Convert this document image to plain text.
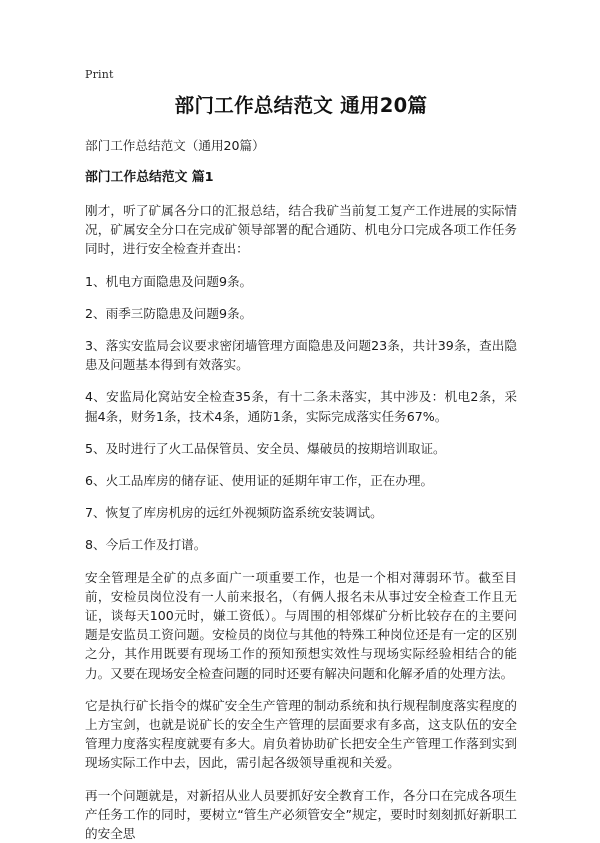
Print
部门工作总结范文 通用20篇

部门工作总结范文（通用20篇）

部门工作总结范文 篇1

刚才，听了矿属各分口的汇报总结，结合我矿当前复工复产工作进展的实际情况，矿属安全分口在完成矿领导部署的配合通防、机电分口完成各项工作任务同时，进行安全检查并查出：

1、机电方面隐患及问题9条。

2、雨季三防隐患及问题9条。

3、落实安监局会议要求密闭墙管理方面隐患及问题23条，共计39条，查出隐患及问题基本得到有效落实。

4、安监局化窝站安全检查35条，有十二条未落实，其中涉及：机电2条，采掘4条，财务1条，技术4条，通防1条，实际完成落实任务67%。

5、及时进行了火工品保管员、安全员、爆破员的按期培训取证。

6、火工品库房的储存证、使用证的延期年审工作，正在办理。

7、恢复了库房机房的远红外视频防盗系统安装调试。

8、今后工作及打谱。

安全管理是全矿的点多面广一项重要工作，也是一个相对薄弱环节。截至目前，安检员岗位没有一人前来报名，（有俩人报名未从事过安全检查工作且无证，谈每天100元时，嫌工资低）。与周围的相邻煤矿分析比较存在的主要问题是安监员工资问题。安检员的岗位与其他的特殊工种岗位还是有一定的区别之分，其作用既要有现场工作的预知预想实效性与现场实际经验相结合的能力。又要在现场安全检查问题的同时还要有解决问题和化解矛盾的处理方法。

它是执行矿长指令的煤矿安全生产管理的制动系统和执行规程制度落实程度的上方宝剑，也就是说矿长的安全生产管理的层面要求有多高，这支队伍的安全管理力度落实程度就要有多大。肩负着协助矿长把安全生产管理工作落到实到现场实际工作中去，因此，需引起各级领导重视和关爱。

再一个问题就是，对新招从业人员要抓好安全教育工作，各分口在完成各项生产任务工作的同时，要树立“管生产必须管安全”规定，要时时刻刻抓好新职工的安全思
